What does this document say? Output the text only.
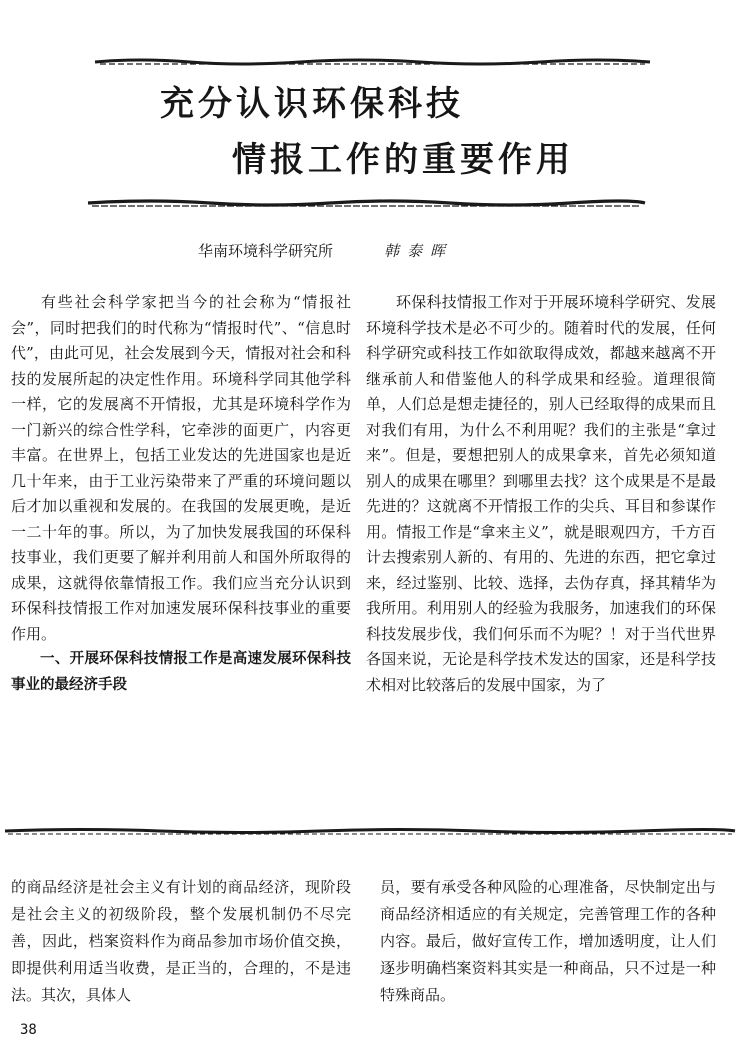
充分认识环保科技
情报工作的重要作用
华南环境科学研究所	韩泰晖

有些社会科学家把当今的社会称为“情报社会”，同时把我们的时代称为“情报时代”、“信息时代”，由此可见，社会发展到今天，情报对社会和科技的发展所起的决定性作用。环境科学同其他学科一样，它的发展离不开情报，尤其是环境科学作为一门新兴的综合性学科，它牵涉的面更广，内容更丰富。在世界上，包括工业发达的先进国家也是近几十年来，由于工业污染带来了严重的环境问题以后才加以重视和发展的。在我国的发展更晚，是近一二十年的事。所以，为了加快发展我国的环保科技事业，我们更要了解并利用前人和国外所取得的成果，这就得依靠情报工作。我们应当充分认识到环保科技情报工作对加速发展环保科技事业的重要作用。

一、开展环保科技情报工作是高速发展环保科技事业的最经济手段

环保科技情报工作对于开展环境科学研究、发展环境科学技术是必不可少的。随着时代的发展，任何科学研究或科技工作如欲取得成效，都越来越离不开继承前人和借鉴他人的科学成果和经验。道理很简单，人们总是想走捷径的，别人已经取得的成果而且对我们有用，为什么不利用呢？我们的主张是“拿过来”。但是，要想把别人的成果拿来，首先必须知道别人的成果在哪里？到哪里去找？这个成果是不是最先进的？这就离不开情报工作的尖兵、耳目和参谋作用。情报工作是“拿来主义”，就是眼观四方，千方百计去搜索别人新的、有用的、先进的东西，把它拿过来，经过鉴别、比较、选择，去伪存真，择其精华为我所用。利用别人的经验为我服务，加速我们的环保科技发展步伐，我们何乐而不为呢？！对于当代世界各国来说，无论是科学技术发达的国家，还是科学技术相对比较落后的发展中国家，为了

的商品经济是社会主义有计划的商品经济，现阶段是社会主义的初级阶段，整个发展机制仍不尽完善，因此，档案资料作为商品参加市场价值交换，即提供利用适当收费，是正当的，合理的，不是违法。其次，具体人

员，要有承受各种风险的心理准备，尽快制定出与商品经济相适应的有关规定，完善管理工作的各种内容。最后，做好宣传工作，增加透明度，让人们逐步明确档案资料其实是一种商品，只不过是一种特殊商品。

38
